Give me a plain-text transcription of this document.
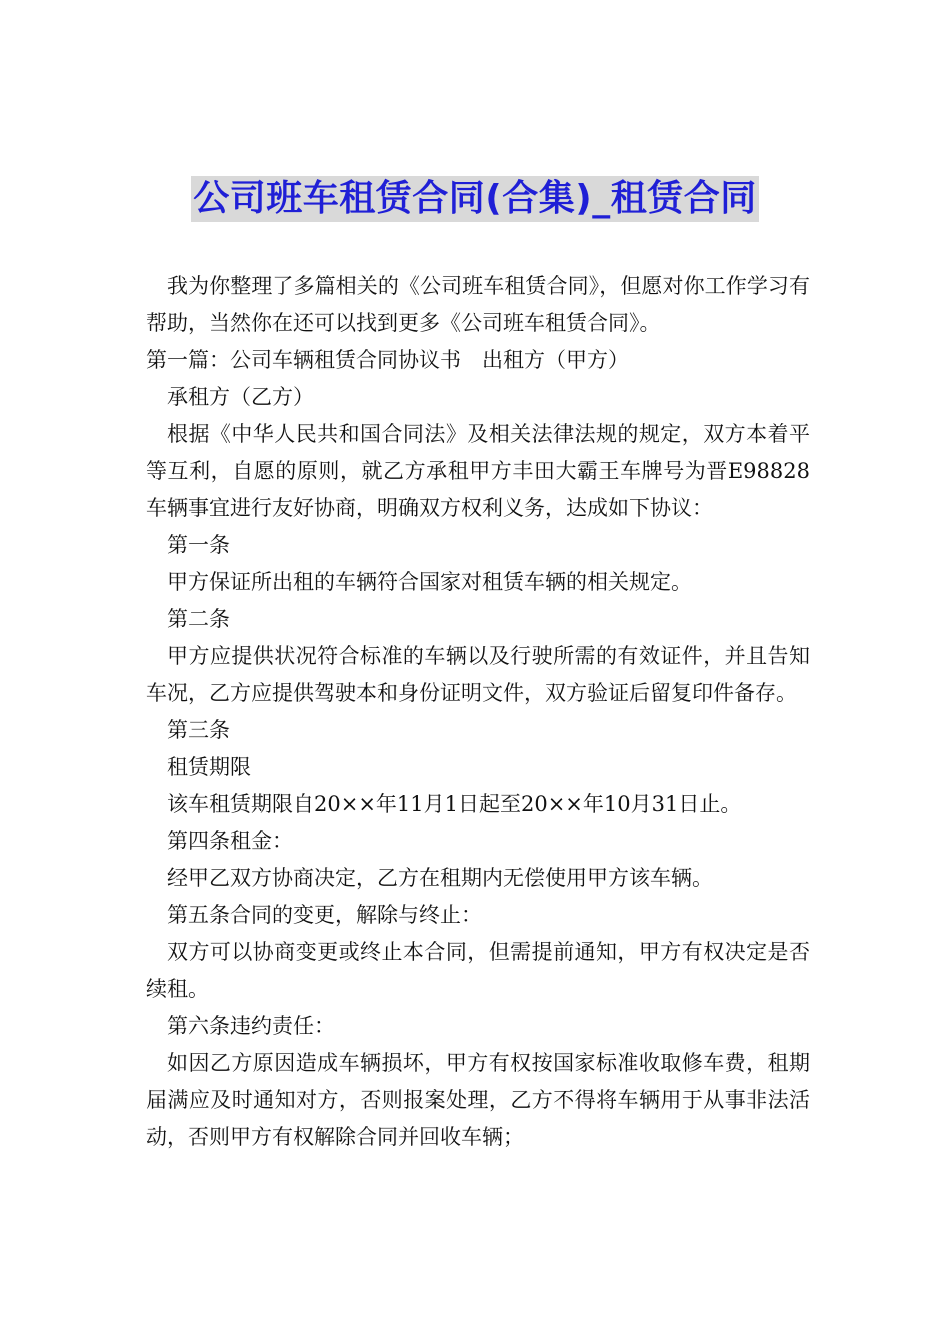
公司班车租赁合同(合集)_租赁合同

我为你整理了多篇相关的《公司班车租赁合同》，但愿对你工作学习有帮助，当然你在还可以找到更多《公司班车租赁合同》。

第一篇：公司车辆租赁合同协议书　出租方（甲方）

承租方（乙方）

根据《中华人民共和国合同法》及相关法律法规的规定，双方本着平等互利，自愿的原则，就乙方承租甲方丰田大霸王车牌号为晋E98828车辆事宜进行友好协商，明确双方权利义务，达成如下协议：

第一条

甲方保证所出租的车辆符合国家对租赁车辆的相关规定。

第二条

甲方应提供状况符合标准的车辆以及行驶所需的有效证件，并且告知车况，乙方应提供驾驶本和身份证明文件，双方验证后留复印件备存。

第三条

租赁期限

该车租赁期限自20××年11月1日起至20××年10月31日止。

第四条租金：

经甲乙双方协商决定，乙方在租期内无偿使用甲方该车辆。

第五条合同的变更，解除与终止：

双方可以协商变更或终止本合同，但需提前通知，甲方有权决定是否续租。

第六条违约责任：

如因乙方原因造成车辆损坏，甲方有权按国家标准收取修车费，租期届满应及时通知对方，否则报案处理，乙方不得将车辆用于从事非法活动，否则甲方有权解除合同并回收车辆；
